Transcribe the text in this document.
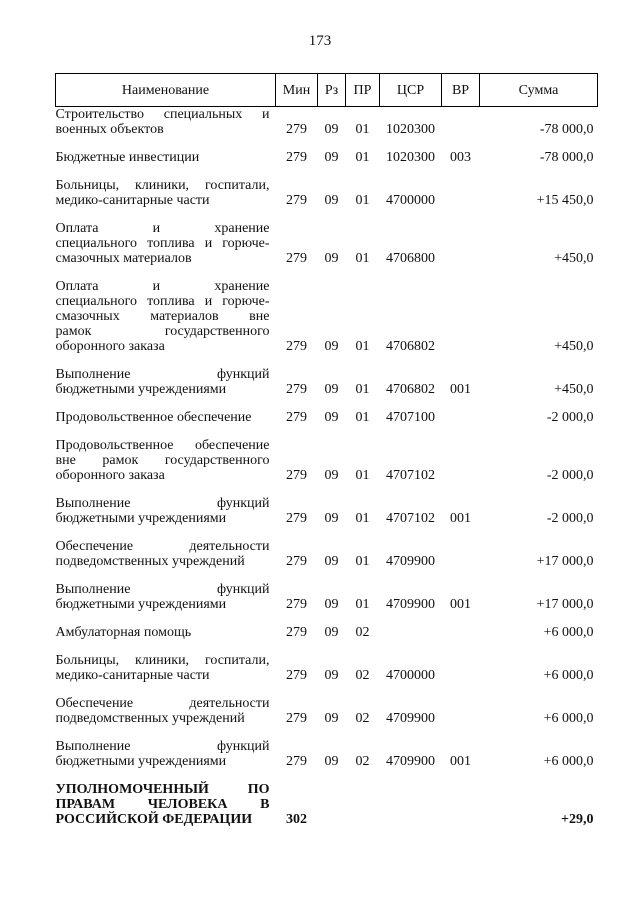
173
Наименование	Мин	Рз	ПР	ЦСР	ВР	Сумма

Строительство специальных и
военных объектов	279	09	01	1020300		-78 000,0

Бюджетные инвестиции	279	09	01	1020300	003	-78 000,0

Больницы, клиники, госпитали,
медико-санитарные части	279	09	01	4700000		+15 450,0

Оплата и хранение
специального топлива и горюче-
смазочных материалов	279	09	01	4706800		+450,0

Оплата и хранение
специального топлива и горюче-
смазочных материалов вне
рамок государственного
оборонного заказа	279	09	01	4706802		+450,0

Выполнение функций
бюджетными учреждениями	279	09	01	4706802	001	+450,0

Продовольственное обеспечение	279	09	01	4707100		-2 000,0

Продовольственное обеспечение
вне рамок государственного
оборонного заказа	279	09	01	4707102		-2 000,0

Выполнение функций
бюджетными учреждениями	279	09	01	4707102	001	-2 000,0

Обеспечение деятельности
подведомственных учреждений	279	09	01	4709900		+17 000,0

Выполнение функций
бюджетными учреждениями	279	09	01	4709900	001	+17 000,0

Амбулаторная помощь	279	09	02			+6 000,0

Больницы, клиники, госпитали,
медико-санитарные части	279	09	02	4700000		+6 000,0

Обеспечение деятельности
подведомственных учреждений	279	09	02	4709900		+6 000,0

Выполнение функций
бюджетными учреждениями	279	09	02	4709900	001	+6 000,0

УПОЛНОМОЧЕННЫЙ ПО
ПРАВАМ ЧЕЛОВЕКА В
РОССИЙСКОЙ ФЕДЕРАЦИИ	302					+29,0
